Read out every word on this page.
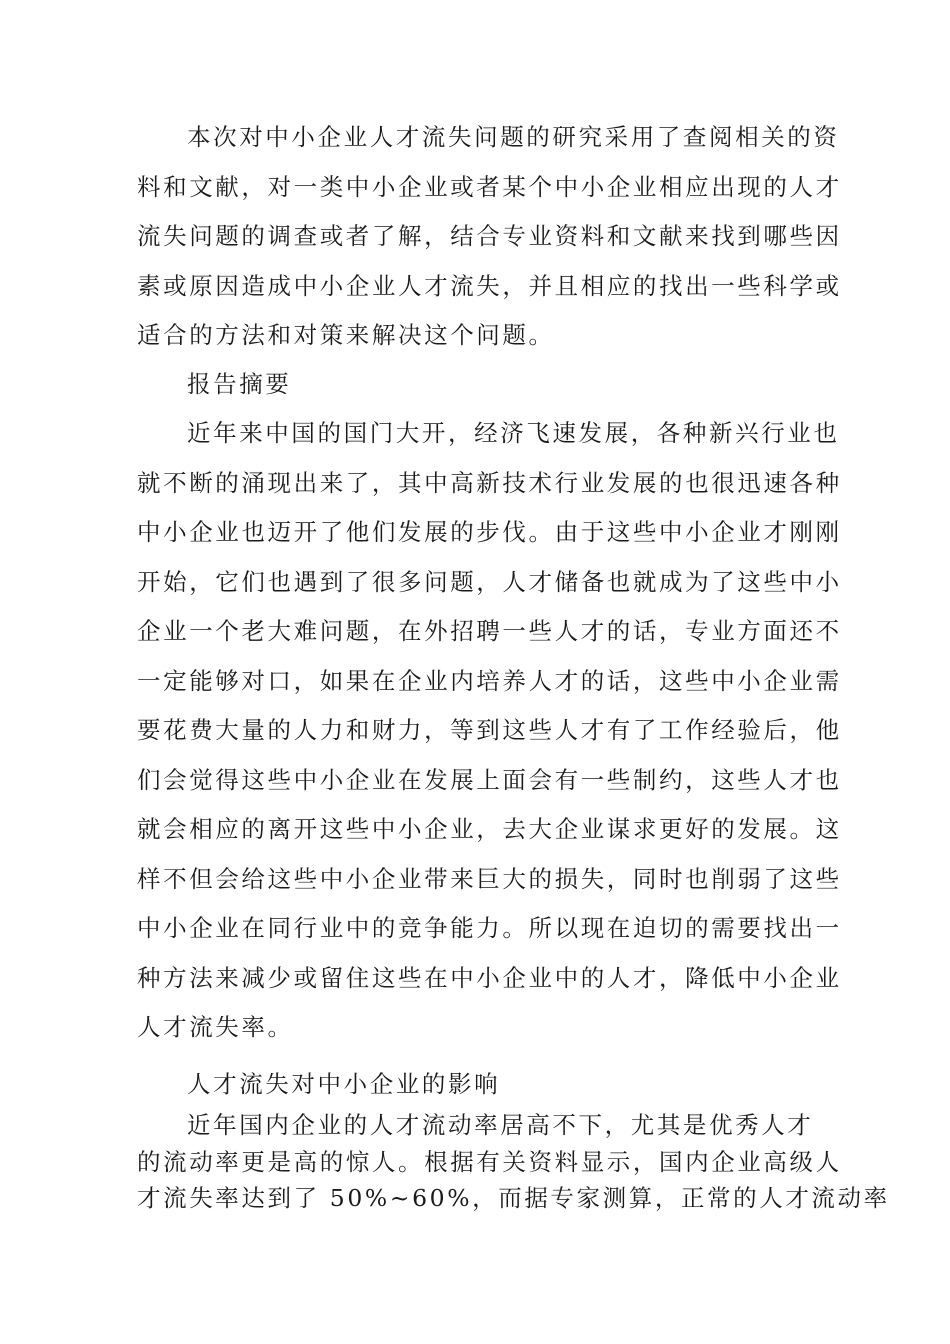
本次对中小企业人才流失问题的研究采用了查阅相关的资
料和文献，对一类中小企业或者某个中小企业相应出现的人才
流失问题的调查或者了解，结合专业资料和文献来找到哪些因
素或原因造成中小企业人才流失，并且相应的找出一些科学或
适合的方法和对策来解决这个问题。
报告摘要
近年来中国的国门大开，经济飞速发展，各种新兴行业也
就不断的涌现出来了，其中高新技术行业发展的也很迅速各种
中小企业也迈开了他们发展的步伐。由于这些中小企业才刚刚
开始，它们也遇到了很多问题，人才储备也就成为了这些中小
企业一个老大难问题，在外招聘一些人才的话，专业方面还不
一定能够对口，如果在企业内培养人才的话，这些中小企业需
要花费大量的人力和财力，等到这些人才有了工作经验后，他
们会觉得这些中小企业在发展上面会有一些制约，这些人才也
就会相应的离开这些中小企业，去大企业谋求更好的发展。这
样不但会给这些中小企业带来巨大的损失，同时也削弱了这些
中小企业在同行业中的竞争能力。所以现在迫切的需要找出一
种方法来减少或留住这些在中小企业中的人才，降低中小企业
人才流失率。
人才流失对中小企业的影响
近年国内企业的人才流动率居高不下，尤其是优秀人才
的流动率更是高的惊人。根据有关资料显示，国内企业高级人
才流失率达到了 50%~60%，而据专家测算，正常的人才流动率
